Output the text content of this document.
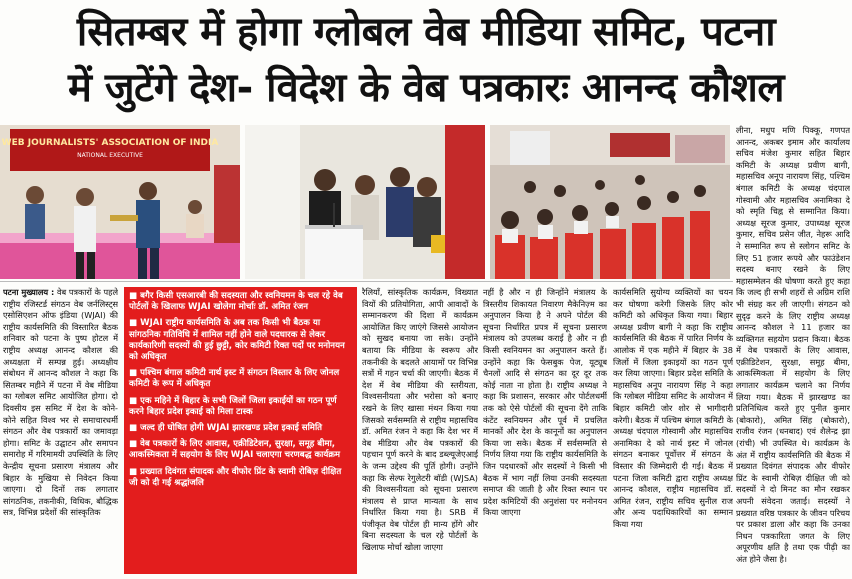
सितम्बर में होगा ग्लोबल वेब मीडिया समिट, पटना
में जुटेंगे देश- विदेश के वेब पत्रकारः आनन्द कौशल
WEB JOURNALISTS' ASSOCIATION OF INDIA
NATIONAL EXECUTIVE
पटना मुख्यालय : वेब पत्रकारों के पहले राष्ट्रीय रजिस्टर्ड संगठन वेब जर्नलिस्ट्स एसोसिएशन ऑफ इंडिया (WJAI) की राष्ट्रीय कार्यसमिति की विस्तारित बैठक शनिवार को पटना के पुष्प होटल में राष्ट्रीय अध्यक्ष आनन्द कौशल की अध्यक्षता में सम्पन्न हुई। अध्यक्षीय संबोधन में आनन्द कौशल ने कहा कि सितम्बर महीने में पटना में वेब मीडिया का ग्लोबल समिट आयोजित होगा। दो दिवसीय इस समिट में देश के कोने-कोने सहित विश्व भर से समाचारधर्मी संगठन और वेब पत्रकारों का जमावड़ा होगा। समिट के उद्घाटन और समापन समारोह में गरिमामयी उपस्थिति के लिए केन्द्रीय सूचना प्रसारण मंत्रालय और बिहार के मुखिया से निवेदन किया जाएगा। दो दिनों तक लगातार सांगठनिक, तकनीकी, विधिक, बौद्धिक सत्र, विभिन्न प्रदेशों की सांस्कृतिक
■ बगैर किसी एसआरबी की सदस्यता और स्वनियमन के चल रहे वेब पोर्टलों के खिलाफ WJAI खोलेगा मोर्चाः डॉ. अमित रंजन
■ WJAI राष्ट्रीय कार्यसमिति के अब तक किसी भी बैठक या सांगठनिक गतिविधि में शामिल नहीं होने वाले पदधारक से लेकर कार्यकारिणी सदस्यों की हुई छुट्टी, कोर कमिटी रिक्त पदों पर मनोनयन को अधिकृत
■ पश्चिम बंगाल कमिटी नार्थ इस्ट में संगठन विस्तार के लिए जोनल कमिटी के रूप में अधिकृत
■ एक महिने में बिहार के सभी जिलों जिला इकाईयों का गठन पूर्ण करने बिहार प्रदेश इकाई को मिला टास्क
■ जल्द ही घोषित होगी WJAI झारखण्ड प्रदेश इकाई समिति
■ वेब पत्रकारों के लिए आवास, एक्रीडिटेशन, सुरक्षा, समूह बीमा, आकस्मिकता में सहयोग के लिए WJAI चलाएगा चरणबद्ध कार्यक्रम
■ प्रख्यात दिवंगत संपादक और वीफोर प्रिंट के स्वामी रोबिज़ दीक्षित जी को दी गई श्रद्धांजलि
रैलियाँ, सांस्कृतिक कार्यक्रम, विख्यात वियों की प्रतियोगिता, आपी आवादों के सम्मानकरण की दिशा में कार्यक्रम आयोजित किए जाएंगे जिससे आयोजन को सुखद बनाया जा सके। उन्होंने बताया कि मीडिया के स्वरूप और तकनीकी के बदलते आयामों पर विभिन्न सत्रों में गहन चर्चा की जाएगी। बैठक में देश में वेब मीडिया की स्तरीयता, विश्वसनीयता और भरोसा को बनाए रखने के लिए खासा मंथन किया गया जिसको सर्वसम्मति से राष्ट्रीय महासचिव डॉ. अमित रंजन ने कहा कि देश भर में वेब मीडिया और वेब पत्रकारों की पहचान पूर्ण करने के बाद डब्ल्यूजेएआई के जन्म उद्देश्य की पूर्ति होगी। उन्होंने कहा कि सेल्फ रेगुलेटरी बॉडी (WJSA) की विश्वसनीयता को सूचना प्रसारण मंत्रालय से प्राप्त मान्यता के साथ निर्धारित किया गया है। SRB में पंजीकृत वेब पोर्टल ही मान्य होंगे और बिना सदस्यता के चल रहे पोर्टलों के खिलाफ मोर्चा खोला जाएगा
नहीं है और न ही जिन्होंने मंत्रालय के त्रिस्तरीय शिकायत निवारण मैकेनिज़्म का अनुपालन किया है ने अपने पोर्टल की सूचना निर्धारित प्रपत्र में सूचना प्रसारण मंत्रालय को उपलब्ध कराई है और न ही किसी स्वनियमन का अनुपालन करते हैं। उन्होंने कहा कि फेसबुक पेज, यूट्यूब चैनलों आदि से संगठन का दूर दूर तक कोई नाता ना होता है। राष्ट्रीय अध्यक्ष ने कहा कि प्रशासन, सरकार और पोर्टलधर्मी तक को ऐसे पोर्टलों की सूचना देंगे ताकि कंटेंट स्वनियमन और पूर्व में प्रचलित मानकों और देश के कानूनों का अनुपालन किया जा सके। बैठक में सर्वसम्मति से निर्णय लिया गया कि राष्ट्रीय कार्यसमिति के जिन पदधारकों और सदस्यों ने किसी भी बैठक में भाग नहीं लिया उनकी सदस्यता समाप्त की जाती है और रिक्त स्थान पर प्रदेश कमिटियों की अनुशंसा पर मनोनयन किया जाएगा
कार्यसमिति सुयोग्य व्यक्तियों का चयन कर घोषणा करेगी जिसके लिए कोर कमिटी को अधिकृत किया गया। बिहार अध्यक्ष प्रवीण बागी ने कहा कि राष्ट्रीय कार्यसमिति की बैठक में पारित निर्णय के आलोक में एक महीने में बिहार के 38 जिलों में जिला इकाइयों का गठन पूर्ण कर लिया जाएगा। बिहार प्रदेश समिति के महासचिव अनूप नारायण सिंह ने कहा कि ग्लोबल मीडिया समिट के आयोजन में बिहार कमिटी जोर शोर से भागीदारी करेगी। बैठक में पश्चिम बंगाल कमिटी के अध्यक्ष चंदपाल गोस्वामी और महासचिव अनामिका दे को नार्थ इस्ट में जोनल संगठन बनाकर पूर्वोत्तर में संगठन के विस्तार की जिम्मेदारी दी गई। बैठक में पटना जिला कमिटी द्वारा राष्ट्रीय अध्यक्ष आनन्द कौशल, राष्ट्रीय महासचिव डॉ. अमित रंजन, राष्ट्रीय सचिव सुनील राज और अन्य पदाधिकारियों का सम्मान किया गया
लीना, मधुप मणि पिक्कू, गणपत आनन्द, अकबर इमाम और कार्यालय सचिव मंजेश कुमार सहित बिहार कमिटी के अध्यक्ष प्रवीण बागी, महासचिव अनूप नारायण सिंह, पश्चिम बंगाल कमिटी के अध्यक्ष चंदपाल गोस्वामी और महासचिव अनामिका दे को स्मृति चिह्न से सम्मानित किया। अध्यक्ष सूरज कुमार, उपाध्यक्ष सूरज कुमार, सचिव प्रसेन जीत, नेहरू आदि ने सम्मानित रूप से स्लोगन समिट के लिए 51 हजार रूपये और फाउंडेशन सदस्य बनाए रखने के लिए महासम्मेलन की घोषणा करते हुए कहा कि जल्द ही सभी शहरों से अग्रिम राशि भी संग्रह कर ली जाएगी। संगठन को सुदृढ़ करने के लिए राष्ट्रीय अध्यक्ष आनन्द कौशल ने 11 हजार का व्यक्तिगत सहयोग प्रदान किया। बैठक में वेब पत्रकारों के लिए आवास, एक्रीडिटेशन, सुरक्षा, समूह बीमा, आकस्मिकता में सहयोग के लिए लगातार कार्यक्रम चलाने का निर्णय लिया गया। बैठक में झारखण्ड का प्रतिनिधित्व करते हुए पुनीत कुमार (बोकारो), अमित सिंह (बोकारो), राजीव रंजन (धनबाद) एवं शैलेन्द्र झा (रांची) भी उपस्थित थे। कार्यक्रम के अंत में राष्ट्रीय कार्यसमिति की बैठक में प्रख्यात दिवंगत संपादक और वीफोर प्रिंट के स्वामी रोबिज़ दीक्षित जी को सदस्यों ने दो मिनट का मौन रखकर अपनी संवेदना जताई। सदस्यों ने प्रख्यात वरिष्ठ पत्रकार के जीवन परिचय पर प्रकाश डाला और कहा कि उनका निधन पत्रकारिता जगत के लिए अपूरणीय क्षति है तथा एक पीढ़ी का अंत होने जैसा है।
